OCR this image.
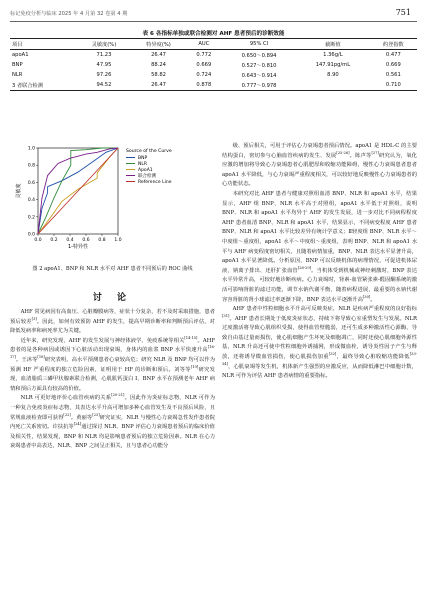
标记免疫分析与临床 2025 年 4 月第 32 卷第 4 期	751
表 6 各指标单独或联合检测对 AHF 患者预后的诊断效能
项目	灵敏度(%)	特异度(%)	AUC	95% CI	截断值	约登指数
apoA1	71.23	26.47	0.772	0.650～0.894	1.36g/L	0.477
BNP	47.95	88.24	0.669	0.527～0.810	147.91pg/mL	0.669
NLR	97.26	58.82	0.724	0.643～0.914	8.90	0.561
3 者联合检测	94.52	26.47	0.878	0.777～0.978		0.710
0.0 0.2 0.4 0.6 0.8 1.0
0.0
0.2
0.4
0.6
0.8
1.0
1-特异性
灵敏度
Source of the Curve
BNP
NLR
ApoA1
联合检测
Reference Line
图 2 apoA1、BNP 和 NLR 水平对 AHF 患者不同预后的 ROC 曲线
讨 论

AHF 常见病因有高血压、心脏瓣膜病等，症状十分复杂，若不及时采取措施，患者预后较差[3]。因此，如何有效预防 AHF 的发生，提高早期诊断率和判断预后评估，对降低发病率和病死率尤为关键。

近年来，研究发现，AHF 的发生发展与神经体液学、免疫系统等相关[14-15]。AHF 患者的是各种病因或诱因下心脏活动出现衰竭，身体内的血浆 BNP 水平快速升高[16-17]。王沐等[18]研究表明，高水平预测患者心衰较高危；研究 NLR 及 BNP 均可以作为预测 HF 严重程度的独立危险因素，证明用于 HF 的诊断和预后。刘等等[19]研究发现，血清脂质三磷甲状腺素联合检测，心肌肌钙蛋白 I、BNP 水平在预测老年 AHF 病情和预后方面具有较高的价值。

NLR 可更好地评价心血管疾病的关系[20-21]。因此作为炎症标志物，NLR 可作为一种复合免疫炎症标志物，其表达水平升高可增加多种心血管发生及不良预后风险，且常规血液检查即可获得[22]。黄丽等[23]研究证实，NLR 与慢性心力衰竭急性发作患者院内死亡关系密切。许扶抗等[24]通过探讨 NLR、BNP 评估心力衰竭患者预后的临床价值及相关性，结果发现，BNP 和 NLR 均是影响患者预后的独立危险因素。NLR 在心力衰竭患者中高表达，NLR、BNP 之间呈正相关，且与患者心功能分

级、预后相关，可用于评估心力衰竭患者预后情况。apoA1 是 HDL-C 的主要结构蛋白，密切参与心脑血管疾病的发生、发展[25-26]。陈声等[27]研究认为，氧化应激的增加将导致心力衰竭患者心肌肥厚和收缩功能障碍，慢性心力衰竭患者患者 apoA1 水平降低，与心力衰竭严重程度相关，可以较好地反映慢性心力衰竭患者的心功能状态。

本研究对比 AHF 患者与健康对照组血清 BNP、NLR 和 apoA1 水平，结果显示，AHF 组 BNP、NLR 水平高于对照组，apoA1 水平低于对照组，说明 BNP、NLR 和 apoA1 水平均异于 AHF 的发生发展，进一步对比不同病程程度 AHF 患者血清 BNP、NLR 和 apoA1 水平，结果显示，不同病变程度 AHF 患者 BNP、NLR 和 apoA1 水平比较差异有统计学意义；Ⅱ轻度组 BNP、NLR 水平～中度组～重度组，apoA1 水平～中度组～重度组，表明 BNP、NLR 和 apoA1 水平与 AHF 病变程度密切相关，且随着病情加重，BNP、NLR 表达水平显著升高，apoA1 水平显著降低。分析原因，BNP 可以反映机体的病理情况，可促进机体尿液，钠离子排出、还肝扩张血管[28-29]。当机体受到机械或神经刺激时，BNP 表达水平异常升高，可较好地诊断疾病。心力衰竭时，肾素-血管紧张素-醛固酮系统的激活可影响肾脏的滤过功能，调节水钠代谢平衡，随着病程进展，最重要的水钠代谢容容肾脏的肾小球滤过率逐渐下降，BNP 表达水平逐渐升高[30]。

AHF 患者中性粒细胞水平升高可反映炎症，NLR 是疾病严重程度的良好指标[31]。AHF 患者长期处于低度炎症状态，持续下将导致心室重塑发生与发展。NLR 过度激活将导致心肌组织受损，使得血管壁脆弱，还可生成多种激活性心源酶，导致自由基过量而损伤，使心肌细胞产生坏死及细胞凋亡，同时还使心肌细胞外源性基，NLR 升高还可使中性粒细胞外诱捕网，形成微血栓，诱导炎性因子产生与释放，还将诱导微血管损伤，使心肌损伤加重[32]，最终导致心脏收缩功能降低[33-34]，心肌衰竭等发生机，机体新产生强烈的应激反应，从而降低淋巴中细胞计数，NLR 可作为评估 AHF 患者病情的重要指标。
